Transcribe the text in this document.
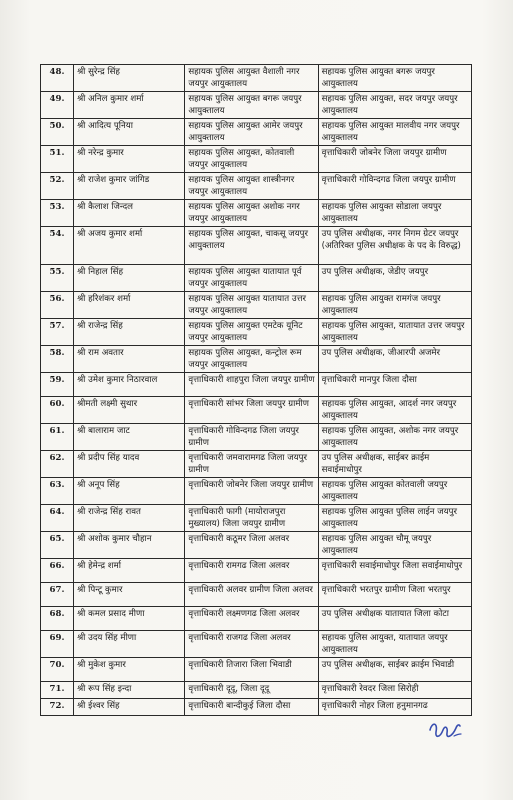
48.	श्री सुरेन्द्र सिंह	सहायक पुलिस आयुक्त वैशाली नगर जयपुर आयुक्तालय	सहायक पुलिस आयुक्त बगरू जयपुर आयुक्तालय
49.	श्री अनिल कुमार शर्मा	सहायक पुलिस आयुक्त बगरू जयपुर आयुक्तालय	सहायक पुलिस आयुक्त, सदर जयपुर जयपुर आयुक्तालय
50.	श्री आदित्य पूनिया	सहायक पुलिस आयुक्त आमेर जयपुर आयुक्तालय	सहायक पुलिस आयुक्त मालवीय नगर जयपुर आयुक्तालय
51.	श्री नरेन्द्र कुमार	सहायक पुलिस आयुक्त, कोतवाली जयपुर आयुक्तालय	वृत्ताधिकारी जोबनेर जिला जयपुर ग्रामीण
52.	श्री राजेश कुमार जांगिड	सहायक पुलिस आयुक्त शास्त्रीनगर जयपुर आयुक्तालय	वृत्ताधिकारी गोविन्दगढ जिला जयपुर ग्रामीण
53.	श्री कैलाश जिन्दल	सहायक पुलिस आयुक्त अशोक नगर जयपुर आयुक्तालय	सहायक पुलिस आयुक्त सोडाला जयपुर आयुक्तालय
54.	श्री अजय कुमार शर्मा	सहायक पुलिस आयुक्त, चाकसू जयपुर आयुक्तालय	उप पुलिस अधीक्षक, नगर निगम ग्रेटर जयपुर (अतिरिक्त पुलिस अधीक्षक के पद के विरुद्ध)
55.	श्री निहाल सिंह	सहायक पुलिस आयुक्त यातायात पूर्व जयपुर आयुक्तालय	उप पुलिस अधीक्षक, जेडीए जयपुर
56.	श्री हरिशंकर शर्मा	सहायक पुलिस आयुक्त यातायात उत्तर जयपुर आयुक्तालय	सहायक पुलिस आयुक्त रामगंज जयपुर आयुक्तालय
57.	श्री राजेन्द्र सिंह	सहायक पुलिस आयुक्त एमटेक यूनिट जयपुर आयुक्तालय	सहायक पुलिस आयुक्त, यातायात उत्तर जयपुर आयुक्तालय
58.	श्री राम अवतार	सहायक पुलिस आयुक्त, कन्ट्रोल रूम जयपुर आयुक्तालय	उप पुलिस अधीक्षक, जीआरपी अजमेर
59.	श्री उमेश कुमार निठारवाल	वृत्ताधिकारी शाहपुरा जिला जयपुर ग्रामीण	वृत्ताधिकारी मानपुर जिला दौसा
60.	श्रीमती लक्ष्मी सुथार	वृत्ताधिकारी सांभर जिला जयपुर ग्रामीण	सहायक पुलिस आयुक्त, आदर्श नगर जयपुर आयुक्तालय
61.	श्री बालाराम जाट	वृत्ताधिकारी गोविन्दगढ जिला जयपुर ग्रामीण	सहायक पुलिस आयुक्त, अशोक नगर जयपुर आयुक्तालय
62.	श्री प्रदीप सिंह यादव	वृत्ताधिकारी जमवारामगढ जिला जयपुर ग्रामीण	उप पुलिस अधीक्षक, साईबर क्राईम सवाईमाधोपुर
63.	श्री अनूप सिंह	वृत्ताधिकारी जोबनेर जिला जयपुर ग्रामीण	सहायक पुलिस आयुक्त कोतवाली जयपुर आयुक्तालय
64.	श्री राजेन्द्र सिंह रावत	वृत्ताधिकारी फागी (मायोराजपुरा मुख्यालय) जिला जयपुर ग्रामीण	सहायक पुलिस आयुक्त पुलिस लाईन जयपुर आयुक्तालय
65.	श्री अशोक कुमार चौहान	वृत्ताधिकारी कठूमर जिला अलवर	सहायक पुलिस आयुक्त चौमू जयपुर आयुक्तालय
66.	श्री हेमेन्द्र शर्मा	वृत्ताधिकारी रामगढ जिला अलवर	वृत्ताधिकारी सवाईमाधोपुर जिला सवाईमाधोपुर
67.	श्री पिन्टू कुमार	वृत्ताधिकारी अलवर ग्रामीण जिला अलवर	वृत्ताधिकारी भरतपुर ग्रामीण जिला भरतपुर
68.	श्री कमल प्रसाद मीणा	वृत्ताधिकारी लक्ष्मणगढ जिला अलवर	उप पुलिस अधीक्षक यातायात जिला कोटा
69.	श्री उदय सिंह मीणा	वृत्ताधिकारी राजगढ जिला अलवर	सहायक पुलिस आयुक्त, यातायात जयपुर आयुक्तालय
70.	श्री मुकेश कुमार	वृत्ताधिकारी तिजारा जिला भिवाडी	उप पुलिस अधीक्षक, साईबर क्राईम भिवाडी
71.	श्री रूप सिंह इन्दा	वृत्ताधिकारी दूदू, जिला दूदू	वृत्ताधिकारी रेवदर जिला सिरोही
72.	श्री ईश्वर सिंह	वृत्ताधिकारी बान्दीकुई जिला दौसा	वृत्ताधिकारी नोहर जिला हनुमानगढ
